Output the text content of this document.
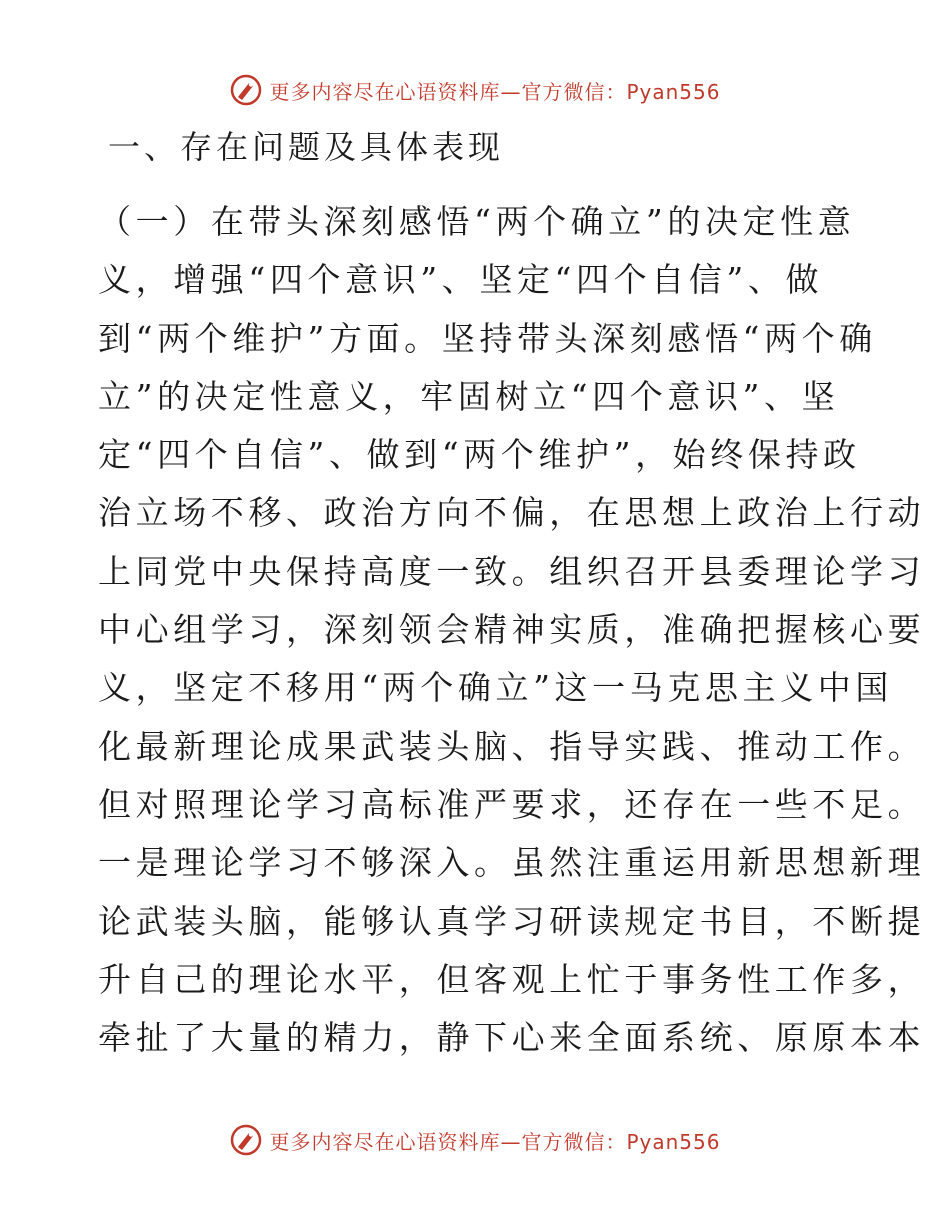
更多内容尽在心语资料库—官方微信：Pyan556
一、存在问题及具体表现
（一）在带头深刻感悟“两个确立”的决定性意
义，增强“四个意识”、坚定“四个自信”、做
到“两个维护”方面。坚持带头深刻感悟“两个确
立”的决定性意义，牢固树立“四个意识”、坚
定“四个自信”、做到“两个维护”，始终保持政
治立场不移、政治方向不偏，在思想上政治上行动
上同党中央保持高度一致。组织召开县委理论学习
中心组学习，深刻领会精神实质，准确把握核心要
义，坚定不移用“两个确立”这一马克思主义中国
化最新理论成果武装头脑、指导实践、推动工作。
但对照理论学习高标准严要求，还存在一些不足。
一是理论学习不够深入。虽然注重运用新思想新理
论武装头脑，能够认真学习研读规定书目，不断提
升自己的理论水平，但客观上忙于事务性工作多，
牵扯了大量的精力，静下心来全面系统、原原本本
更多内容尽在心语资料库—官方微信：Pyan556
